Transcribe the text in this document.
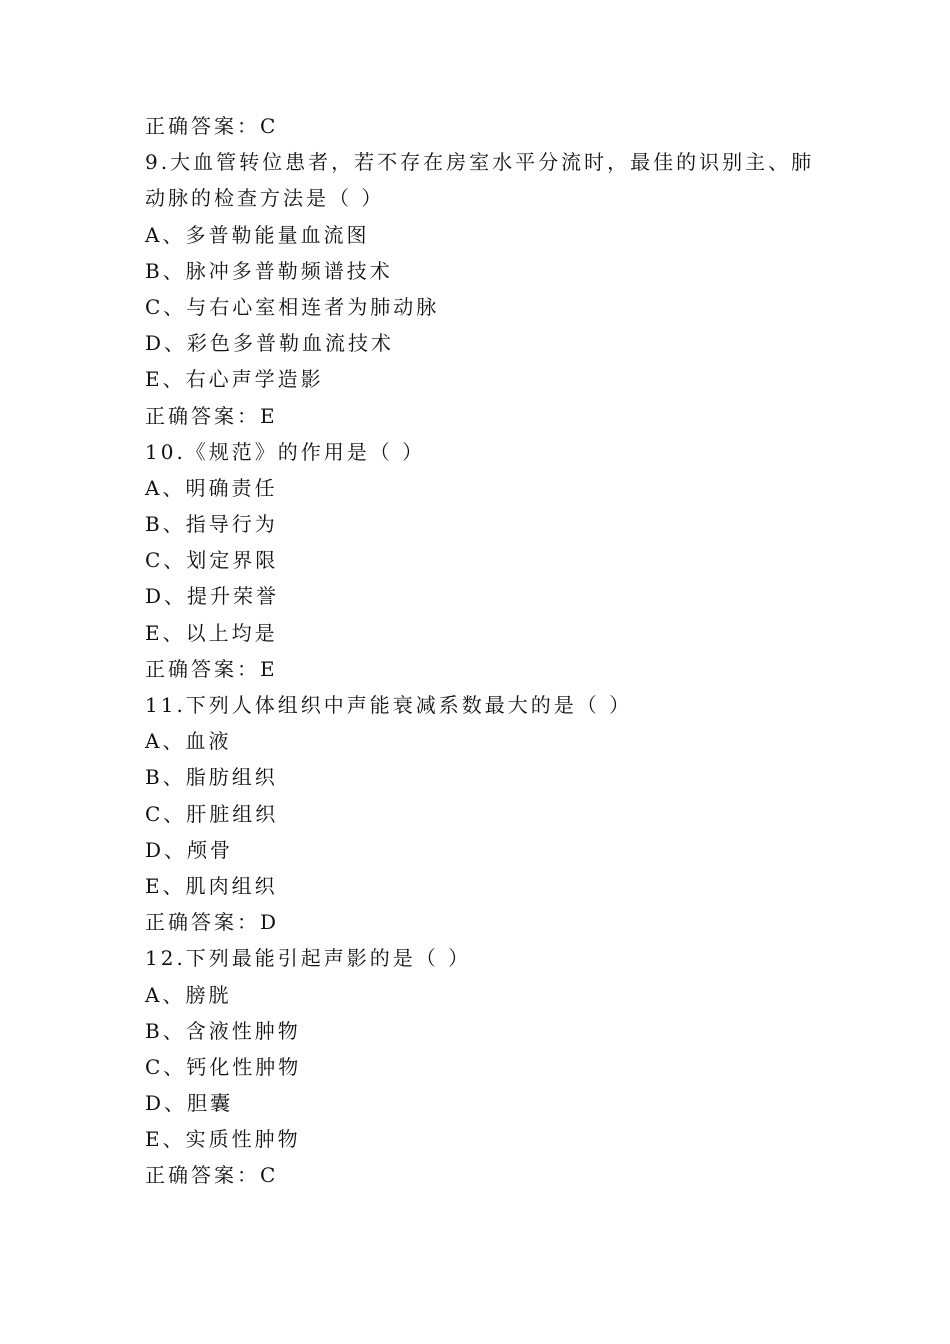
正确答案：C
9.大血管转位患者，若不存在房室水平分流时，最佳的识别主、肺
动脉的检查方法是（ ）
A、多普勒能量血流图
B、脉冲多普勒频谱技术
C、与右心室相连者为肺动脉
D、彩色多普勒血流技术
E、右心声学造影
正确答案：E
10.《规范》的作用是（ ）
A、明确责任
B、指导行为
C、划定界限
D、提升荣誉
E、以上均是
正确答案：E
11.下列人体组织中声能衰减系数最大的是（ ）
A、血液
B、脂肪组织
C、肝脏组织
D、颅骨
E、肌肉组织
正确答案：D
12.下列最能引起声影的是（ ）
A、膀胱
B、含液性肿物
C、钙化性肿物
D、胆囊
E、实质性肿物
正确答案：C
